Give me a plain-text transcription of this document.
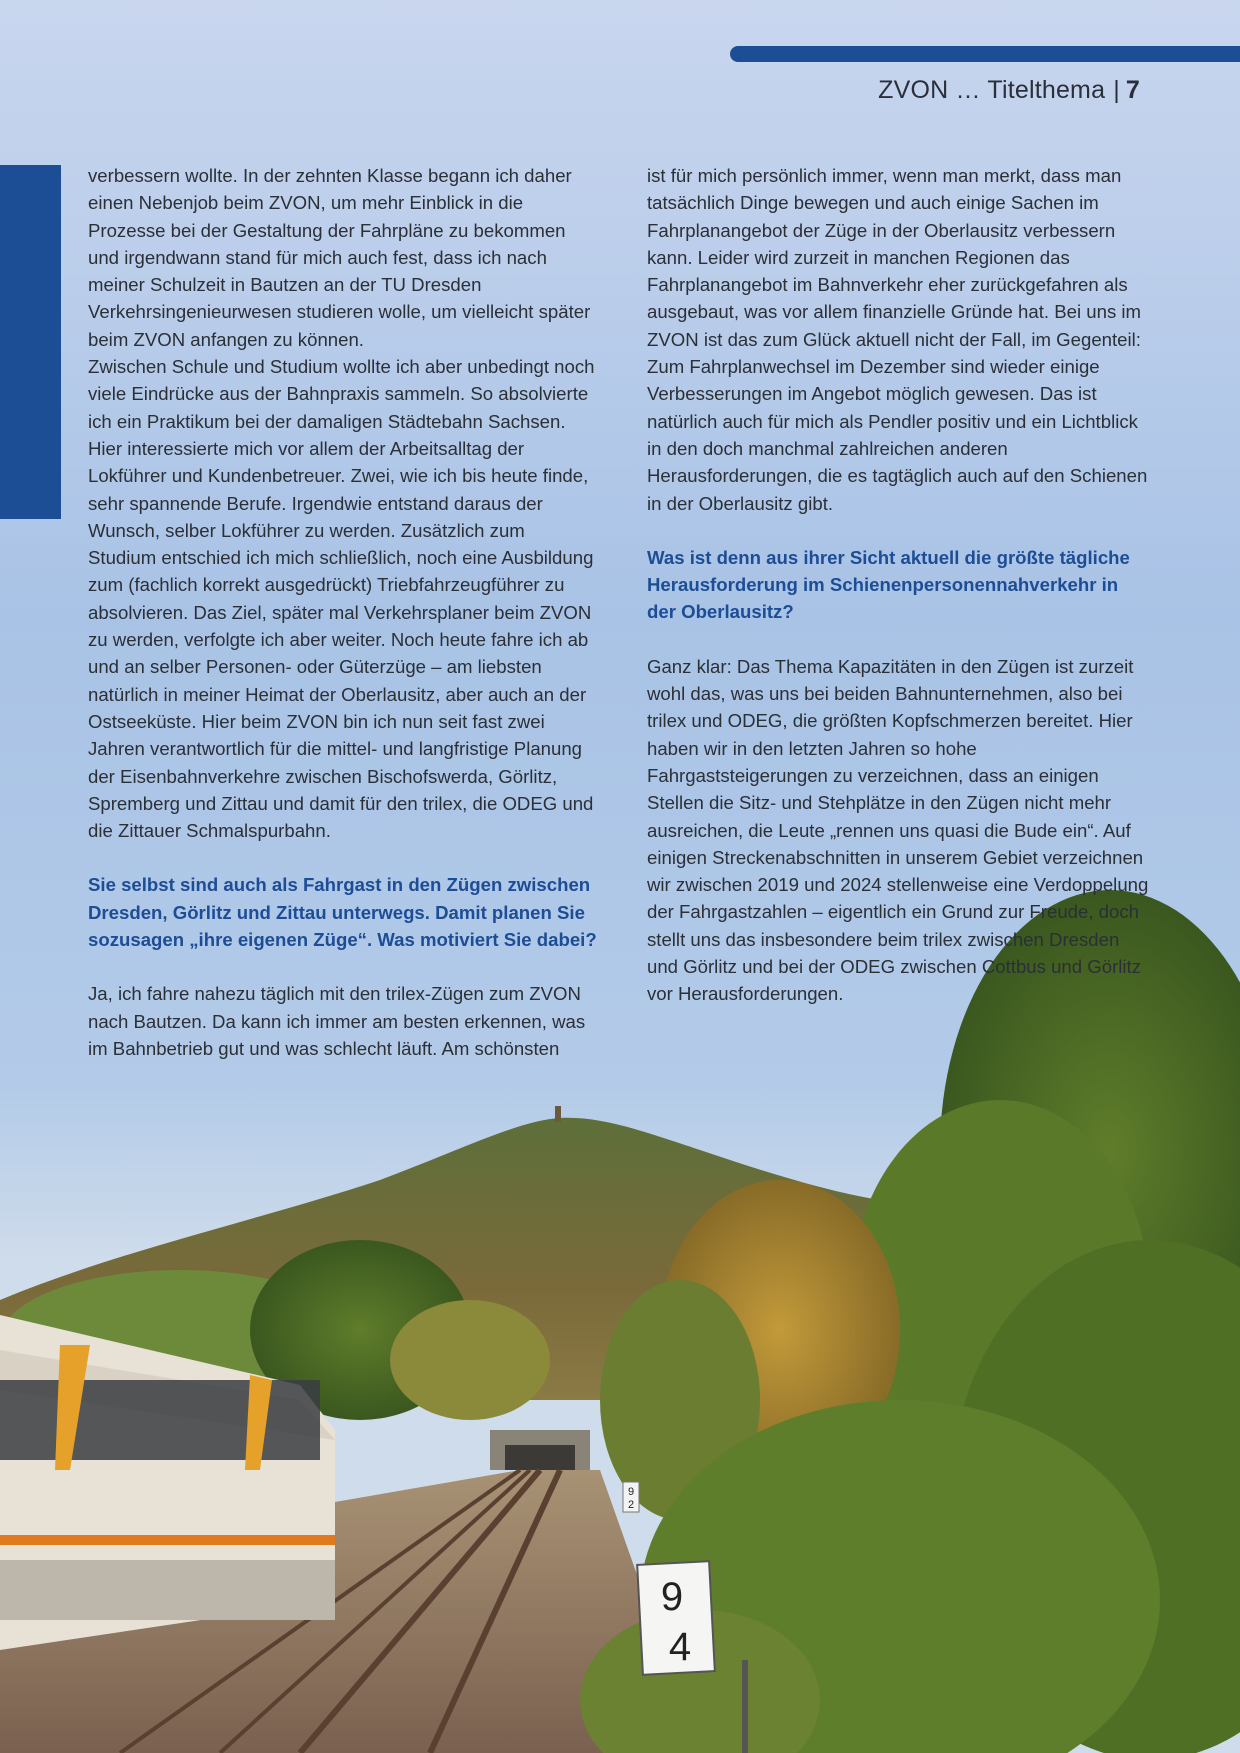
9
2
9
4
ZVON … Titelthema | 7

verbessern wollte. In der zehnten Klasse begann ich daher einen Nebenjob beim ZVON, um mehr Einblick in die Prozesse bei der Gestaltung der Fahrpläne zu bekommen und irgendwann stand für mich auch fest, dass ich nach meiner Schulzeit in Bautzen an der TU Dresden Verkehrsingenieurwesen studieren wolle, um vielleicht später beim ZVON anfangen zu können.

Zwischen Schule und Studium wollte ich aber unbedingt noch viele Eindrücke aus der Bahnpraxis sammeln. So absolvierte ich ein Praktikum bei der damaligen Städtebahn Sachsen. Hier interessierte mich vor allem der Arbeitsalltag der Lokführer und Kundenbetreuer. Zwei, wie ich bis heute finde, sehr spannende Berufe. Irgendwie entstand daraus der Wunsch, selber Lokführer zu werden. Zusätzlich zum Studium entschied ich mich schließlich, noch eine Ausbildung zum (fachlich korrekt ausgedrückt) Triebfahrzeugführer zu absolvieren. Das Ziel, später mal Verkehrsplaner beim ZVON zu werden, verfolgte ich aber weiter. Noch heute fahre ich ab und an selber Personen- oder Güterzüge – am liebsten natürlich in meiner Heimat der Oberlausitz, aber auch an der Ostseeküste. Hier beim ZVON bin ich nun seit fast zwei Jahren verantwortlich für die mittel- und langfristige Planung der Eisenbahnverkehre zwischen Bischofswerda, Görlitz, Spremberg und Zittau und damit für den trilex, die ODEG und die Zittauer Schmalspurbahn.

Sie selbst sind auch als Fahrgast in den Zügen zwischen Dresden, Görlitz und Zittau unterwegs. Damit planen Sie sozusagen „ihre eigenen Züge“. Was motiviert Sie dabei?

Ja, ich fahre nahezu täglich mit den trilex-Zügen zum ZVON nach Bautzen. Da kann ich immer am besten erkennen, was im Bahnbetrieb gut und was schlecht läuft. Am schönsten

ist für mich persönlich immer, wenn man merkt, dass man tatsächlich Dinge bewegen und auch einige Sachen im Fahrplanangebot der Züge in der Oberlausitz verbessern kann. Leider wird zurzeit in manchen Regionen das Fahrplanangebot im Bahnverkehr eher zurückgefahren als ausgebaut, was vor allem finanzielle Gründe hat. Bei uns im ZVON ist das zum Glück aktuell nicht der Fall, im Gegenteil: Zum Fahrplanwechsel im Dezember sind wieder einige Verbesserungen im Angebot möglich gewesen. Das ist natürlich auch für mich als Pendler positiv und ein Lichtblick in den doch manchmal zahlreichen anderen Herausforderungen, die es tagtäglich auch auf den Schienen in der Oberlausitz gibt.

Was ist denn aus ihrer Sicht aktuell die größte tägliche Herausforderung im Schienenpersonennahverkehr in der Oberlausitz?

Ganz klar: Das Thema Kapazitäten in den Zügen ist zurzeit wohl das, was uns bei beiden Bahnunternehmen, also bei trilex und ODEG, die größten Kopfschmerzen bereitet. Hier haben wir in den letzten Jahren so hohe Fahrgaststeigerungen zu verzeichnen, dass an einigen Stellen die Sitz- und Stehplätze in den Zügen nicht mehr ausreichen, die Leute „rennen uns quasi die Bude ein“. Auf einigen Streckenabschnitten in unserem Gebiet verzeichnen wir zwischen 2019 und 2024 stellenweise eine Verdoppelung der Fahrgastzahlen – eigentlich ein Grund zur Freude, doch stellt uns das insbesondere beim trilex zwischen Dresden und Görlitz und bei der ODEG zwischen Cottbus und Görlitz vor Herausforderungen.
